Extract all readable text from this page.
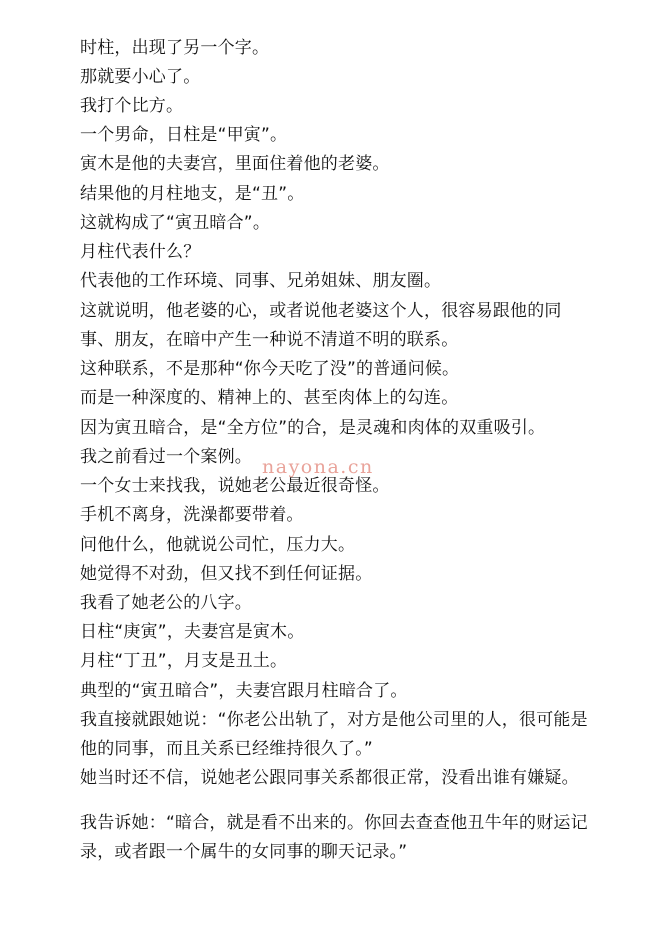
时柱，出现了另一个字。
那就要小心了。
我打个比方。
一个男命，日柱是“甲寅”。
寅木是他的夫妻宫，里面住着他的老婆。
结果他的月柱地支，是“丑”。
这就构成了“寅丑暗合”。
月柱代表什么？
代表他的工作环境、同事、兄弟姐妹、朋友圈。
这就说明，他老婆的心，或者说他老婆这个人，很容易跟他的同
事、朋友，在暗中产生一种说不清道不明的联系。
这种联系，不是那种“你今天吃了没”的普通问候。
而是一种深度的、精神上的、甚至肉体上的勾连。
因为寅丑暗合，是“全方位”的合，是灵魂和肉体的双重吸引。
我之前看过一个案例。
一个女士来找我，说她老公最近很奇怪。
手机不离身，洗澡都要带着。
问他什么，他就说公司忙，压力大。
她觉得不对劲，但又找不到任何证据。
我看了她老公的八字。
日柱“庚寅”，夫妻宫是寅木。
月柱“丁丑”，月支是丑土。
典型的“寅丑暗合”，夫妻宫跟月柱暗合了。
我直接就跟她说：“你老公出轨了，对方是他公司里的人，很可能是
他的同事，而且关系已经维持很久了。”
她当时还不信，说她老公跟同事关系都很正常，没看出谁有嫌疑。
我告诉她：“暗合，就是看不出来的。你回去查查他丑牛年的财运记
录，或者跟一个属牛的女同事的聊天记录。”
nayona.cn
